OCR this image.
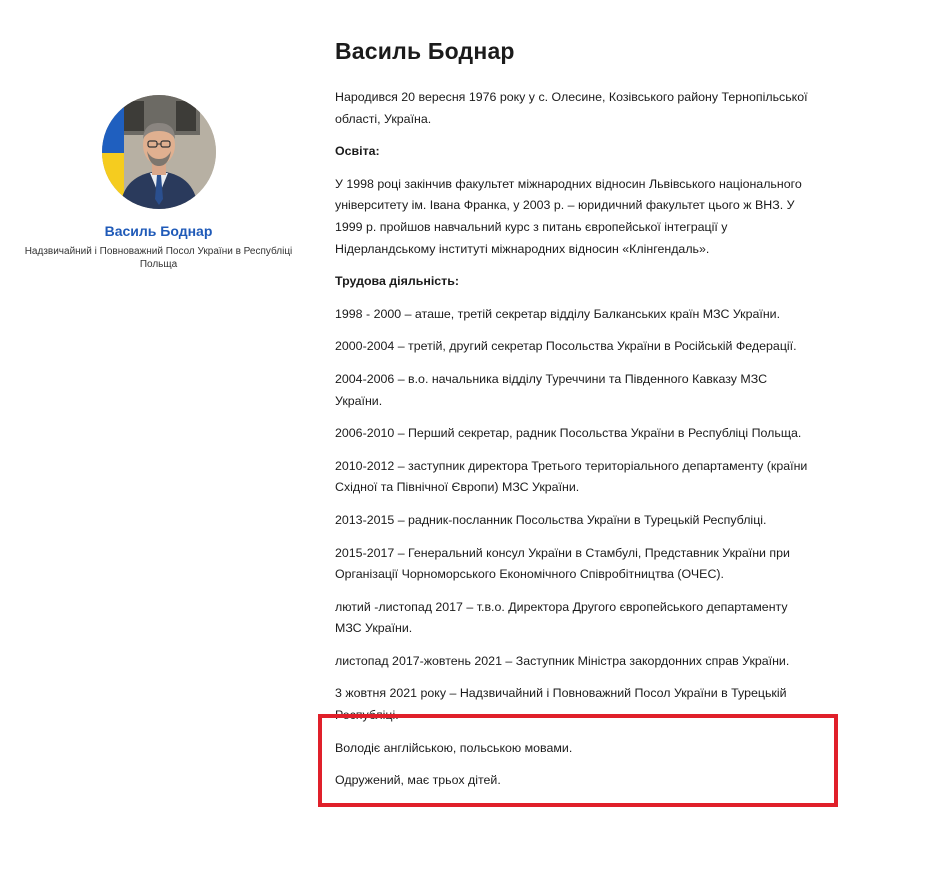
Василь Боднар
Надзвичайний і Повноважний Посол України в Республіці Польща
Василь Боднар

Народився 20 вересня 1976 року у с. Олесине, Козівського району Тернопільської області, Україна.

Освіта:

У 1998 році закінчив факультет міжнародних відносин Львівського національного університету ім. Івана Франка, у 2003 р. – юридичний факультет цього ж ВНЗ. У 1999 р. пройшов навчальний курс з питань європейської інтеграції у Нідерландському інституті міжнародних відносин «Клінгендаль».

Трудова діяльність:

1998 - 2000 – аташе, третій секретар відділу Балканських країн МЗС України.

2000-2004 – третій, другий секретар Посольства України в Російській Федерації.

2004-2006 – в.о. начальника відділу Туреччини та Південного Кавказу МЗС України.

2006-2010 – Перший секретар, радник Посольства України в Республіці Польща.

2010-2012 – заступник директора Третього територіального департаменту (країни Східної та Північної Європи) МЗС України.

2013-2015 – радник-посланник Посольства України в Турецькій Республіці.

2015-2017 – Генеральний консул України в Стамбулі, Представник України при Організації Чорноморського Економічного Співробітництва (ОЧЕС).

лютий -листопад 2017 – т.в.о. Директора Другого європейського департаменту МЗС України.

листопад 2017-жовтень 2021 – Заступник Міністра закордонних справ України.

3 жовтня 2021 року – Надзвичайний і Повноважний Посол України в Турецькій Республіці.

Володіє англійською, польською мовами.

Одружений, має трьох дітей.
